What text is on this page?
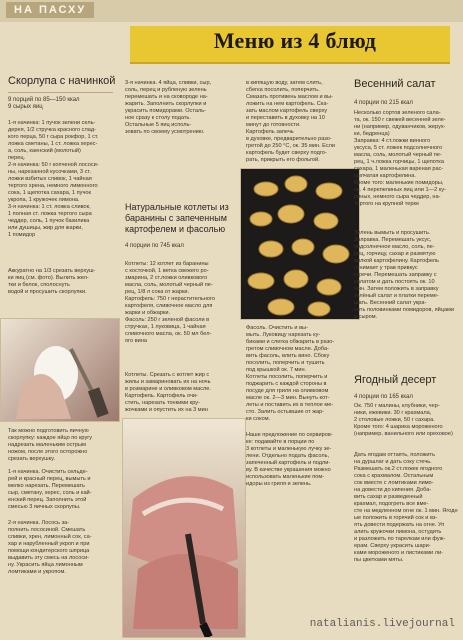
НА ПАСХУ
Меню из 4 блюд
Скорлупа с начинкой
9 порций по 85—150 ккал
9 сырых яиц
1-я начинка: 1 пучок зелени сель-
дерея, 1/2 стручка красного слад-
кого перца, 50 г сыра рокфор, 1 ст.
ложка сметаны, 1 ст. ложка херес-
а, соль, каенский (молотый)
перец.
2-я начинка: 50 г копченой лососи-
ны, нарезанной кусочками, 3 ст.
ложки взбитых сливок, 1 чайная
тертого хрена, немного лимонного
сока, 1 щепотка сахара, 1 пучок
укропа, 1 кружочек лимона.
3-я начинка: 1 ст. ложка сливок,
1 полная ст. ложка тертого сыра
чеддер, соль, 1 пучок базилика
или душицы, жир для жарки,
1 помидор
Аккуратно на 1/3 срезать верхуш-
ки яиц (см. фото). Вылить жел-
тки и белок, сполоснуть
водой и просушить скорлупки.
Так можно подготовить яичную
скорлупку: каждое яйцо по кругу
надрезать маленьким острым
ножом, после этого осторожно
срезать верхушку.
1-я начинка. Очистить сельде-
рей и красный перец, вымыть и
мелко нарезать. Перемешать
сыр, сметану, херес, соль и кай-
енский перец. Заполнить этой
смесью 3 яичных скорлупы.
2-я начинка. Лосось за-
полнить лососиной. Смешать
сливки, хрен, лимонный сок, са-
хар и нарубленный укроп и при
помощи кондитерского шприца
выдавить эту смесь на лососи-
ну. Украсить яйца лимонным
ломтиками и укропом.
3-я начинка. 4 яйца, сливки, сыр,
соль, перец и рубленую зелень
перемешать и на сковороде на-
жарить. Заполнить скорлупки и
украсить помидорами. Осталь-
ное сразу к столу подать.
Остальные 5 яиц исполь-
зовать по своему усмотрению.
Натуральные котлеты из
баранины с запеченным
картофелем и фасолью
4 порции по 745 ккал
Котлеты: 12 котлет из баранины
с косточкой, 1 ветка свежего ро-
змарина, 2 ст.ложки оливкового
масла, соль, молотый черный пе-
рец, 1/8 л сока от жарки.
Картофель: 750 г нерастительного
картофеля, сливочное масло для
жарки и обжарки.
Фасоль: 250 г зеленой фасоли в
стручках, 1 луковица, 1 чайная
сливочного масла, ок. 50 мл бел-
ого вина
Котлеты. Срезать с котлет жир с
жилы и замариновать их на ночь
в розмарине и оливковом масле.
Картофель. Картофель очи-
стить, нарезать тонкими кру-
жочками и опустить их на 3 мин
в кипящую воду, затем слить,
сбегка посолить, поперчить.
Смазать противень маслом и вы-
ложить на нем картофель. Ска-
зать маслом картофель сверху
и переставить в духовку на 10
минут до готовности.
Картофель запечь
в духовке, предварительно разо-
гретой до 250 °C, ок. 35 мин. Если
картофель будет сверху подго-
рать, прикрыть его фольгой.
Фасоль. Очистить и вы-
мыть. Луковицу нарезать ку-
биками и слегка обжарить в разо-
гретом сливочном масле. Доба-
вить фасоль, влить вино. Сбоку
посолить, поперчить и тушить
под крышкой ок. 7 мин.
Котлеты посолить, поперчить и
поджарить с каждой стороны в
посуде для гриля на оливковом
масле ок. 2—3 мин. Вынуть кот-
леты и поставить их в теплое ме-
сто. Залить остывшие от жар-
ки соком.
Наше предложение по сервиров-
ке: подавайте в порции по
3 котлеты и маленькую лучку зе-
лени. Отдельно подать фасоль,
запеченный картофель и подли-
ву. В качестве украшения можно
использовать маленькие пом-
идоры из гриля и зелень.
Весенний салат
4 порции по 215 ккал
Несколько сортов зеленого сала-
та, ок. 150 г свежей весенней зеле-
ни (например, одуванчиков, жерух-
ки, бедренца)
Заправка: 4 ст.ложки винного
уксуса, 5 ст. ложек подсолнечного
масла, соль, молотый черный пе-
рец, 1 ч.ложка горчицы, 1 щепотка
сахара, 1 маленькая вареная рас-
сыпчатая картофелина.
Кроме того: маленькие помидоры,
ок. 4 перепелиных яиц или 1—2 ку-
риных, немного сыра чеддер, на-
тертого на крупной терке
Зелень вымыть и просушить.
Заправка. Перемешать уксус,
подсолнечное масло, соль, пе-
рец, горчицу, сахар и размятую
вилкой картофелину. Картофель
отнимает у трав привкус
горечи. Перемешать заправку с
салатом и дать постоять ок. 10
мин. Затем положить в заправку
зелёный салат и платки переме-
шать. Весенний салат укра-
сить половинками помидоров, яйцами
и сыром.
Ягодный десерт
4 порции по 165 ккал
Ок. 750 г малины, клубники, чер-
ники, ежевики. 30 г крахмала,
2 столовые ложки, 50 г сахара.
Кроме того: 4 шарика мороженого
(например, ванильного или ореховое)
Дать ягодам оттаять, положить
на дуршлаг и дать соку стечь.
Размешать ок.2 ст.ложек ягодного
сока с крахмалом. Остальным
сок вместе с ломтиками лимо-
на довести до кипения. Доба-
вить сахар и разведенный
крахмал, подогреть все вме-
сте на медленном огне ок. 1 мин. Ягодн
ые положить в горячий сок и вз-
ять довести подержать на огне. Уп
алить кружочки лимона, остудить
и разложить по тарелкам или фуж-
ерам. Сверху украсить шари-
ками мороженого и листиками ли-
пы цветками мяты.
natalianis.livejournal
